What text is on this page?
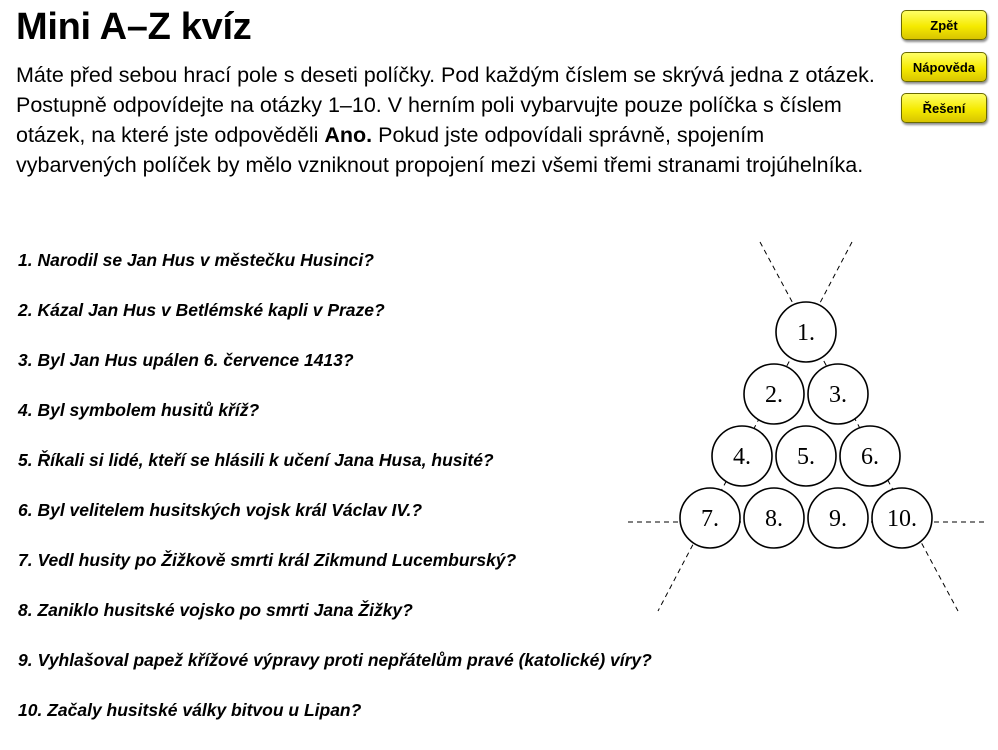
Mini A–Z kvíz

Máte před sebou hrací pole s deseti políčky. Pod každým číslem se skrývá jedna z otázek. Postupně odpovídejte na otázky 1–10. V herním poli vybarvujte pouze políčka s číslem otázek, na které jste odpověděli Ano. Pokud jste odpovídali správně, spojením vybarvených políček by mělo vzniknout propojení mezi všemi třemi stranami trojúhelníka.

Zpět
Nápověda
Řešení
1. Narodil se Jan Hus v městečku Husinci?
2. Kázal Jan Hus v Betlémské kapli v Praze?
3. Byl Jan Hus upálen 6. července 1413?
4. Byl symbolem husitů kříž?
5. Říkali si lidé, kteří se hlásili k učení Jana Husa, husité?
6. Byl velitelem husitských vojsk král Václav IV.?
7. Vedl husity po Žižkově smrti král Zikmund Lucemburský?
8. Zaniklo husitské vojsko po smrti Jana Žižky?
9. Vyhlašoval papež křížové výpravy proti nepřátelům pravé (katolické) víry?
10. Začaly husitské války bitvou u Lipan?
1.
2. 3.
4. 5. 6.
7. 8. 9. 10.
